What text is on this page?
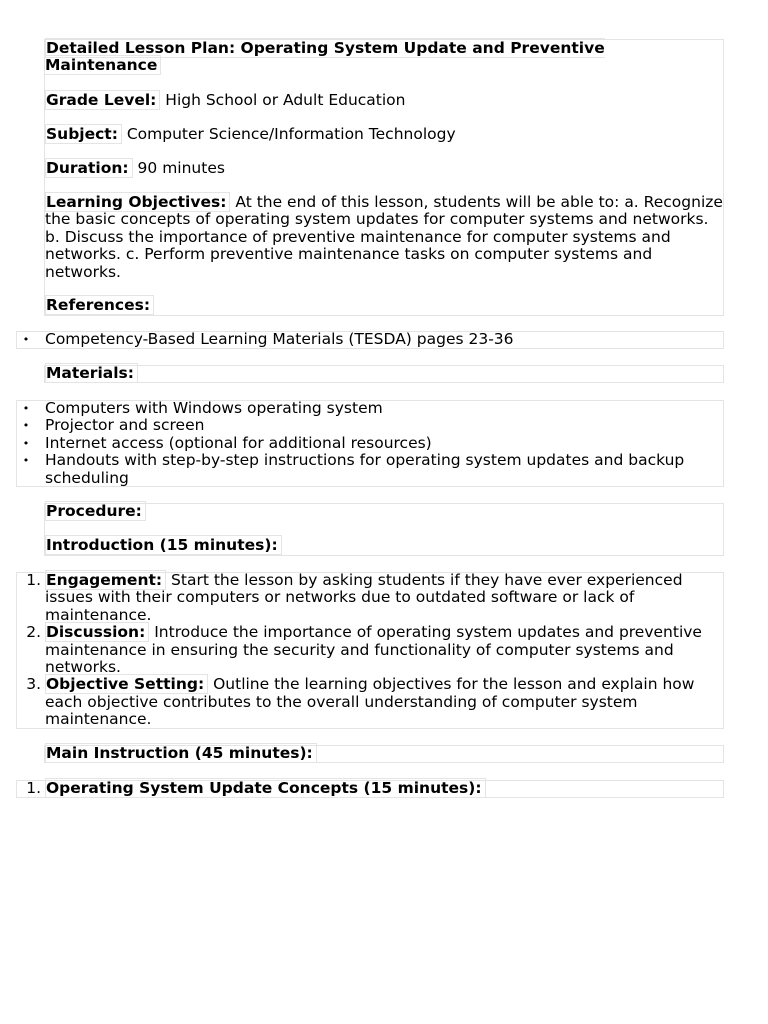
Detailed Lesson Plan: Operating System Update and Preventive Maintenance

Grade Level: High School or Adult Education

Subject: Computer Science/Information Technology

Duration: 90 minutes

Learning Objectives: At the end of this lesson, students will be able to: a. Recognize the basic concepts of operating system updates for computer systems and networks. b. Discuss the importance of preventive maintenance for computer systems and networks. c. Perform preventive maintenance tasks on computer systems and networks.

References:

• Competency-Based Learning Materials (TESDA) pages 23-36

Materials:

• Computers with Windows operating system
• Projector and screen
• Internet access (optional for additional resources)
• Handouts with step-by-step instructions for operating system updates and backup scheduling

Procedure:

Introduction (15 minutes):

1. Engagement: Start the lesson by asking students if they have ever experienced issues with their computers or networks due to outdated software or lack of maintenance.
2. Discussion: Introduce the importance of operating system updates and preventive maintenance in ensuring the security and functionality of computer systems and networks.
3. Objective Setting: Outline the learning objectives for the lesson and explain how each objective contributes to the overall understanding of computer system maintenance.

Main Instruction (45 minutes):

1. Operating System Update Concepts (15 minutes):
